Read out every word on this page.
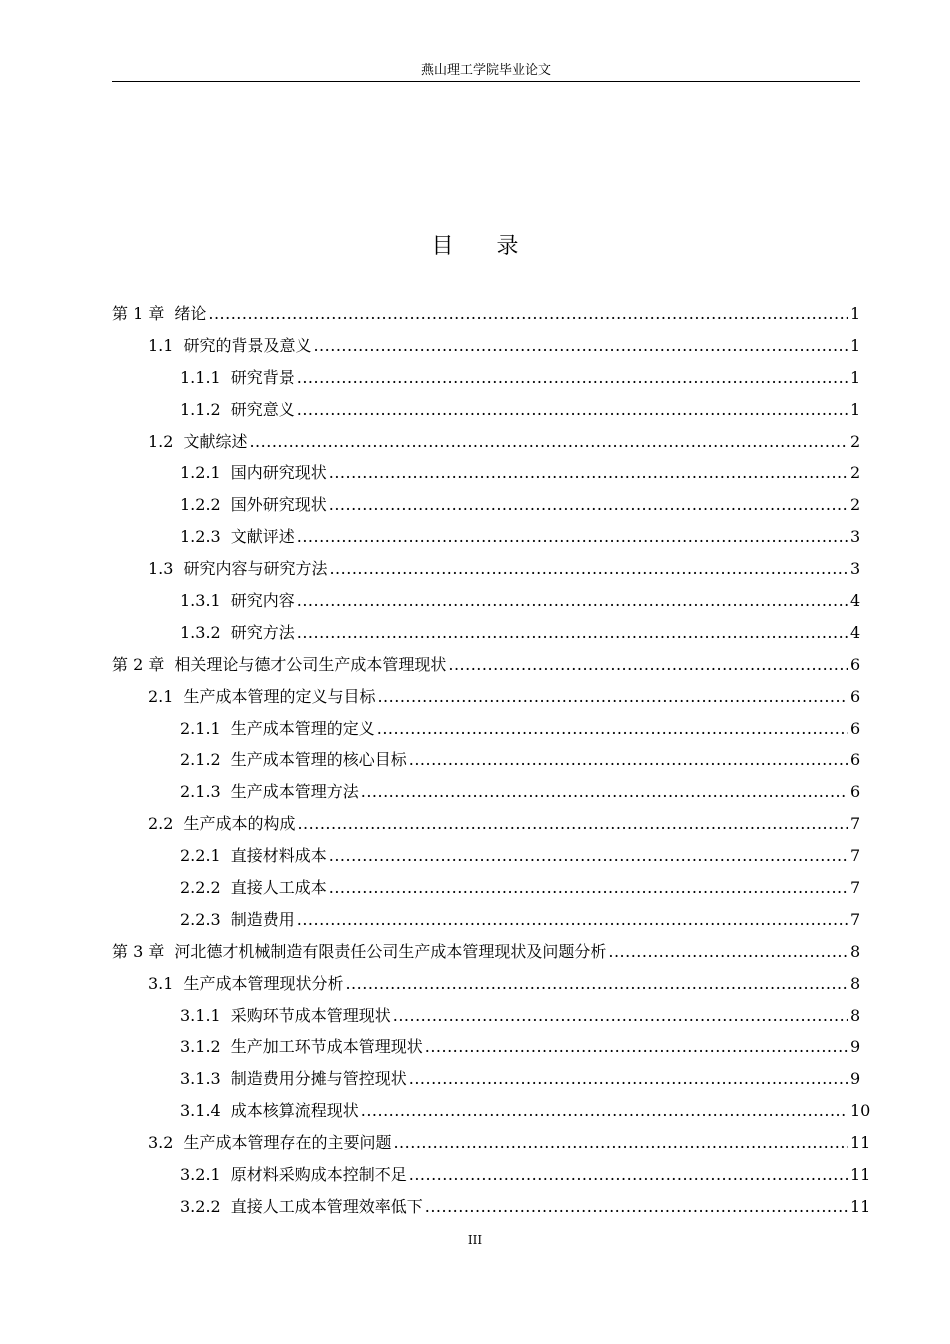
燕山理工学院毕业论文
目 录
第 1 章 绪论 .....	1
1.1 研究的背景及意义 .....	1
1.1.1 研究背景 .....	1
1.1.2 研究意义 .....	1
1.2 文献综述 .....	2
1.2.1 国内研究现状 .....	2
1.2.2 国外研究现状 .....	2
1.2.3 文献评述 .....	3
1.3 研究内容与研究方法 .....	3
1.3.1 研究内容 .....	4
1.3.2 研究方法 .....	4
第 2 章 相关理论与德才公司生产成本管理现状 .....	6
2.1 生产成本管理的定义与目标 .....	6
2.1.1 生产成本管理的定义 .....	6
2.1.2 生产成本管理的核心目标 .....	6
2.1.3 生产成本管理方法 .....	6
2.2 生产成本的构成 .....	7
2.2.1 直接材料成本 .....	7
2.2.2 直接人工成本 .....	7
2.2.3 制造费用 .....	7
第 3 章 河北德才机械制造有限责任公司生产成本管理现状及问题分析 .....	8
3.1 生产成本管理现状分析 .....	8
3.1.1 采购环节成本管理现状 .....	8
3.1.2 生产加工环节成本管理现状 .....	9
3.1.3 制造费用分摊与管控现状 .....	9
3.1.4 成本核算流程现状 .....	10
3.2 生产成本管理存在的主要问题 .....	11
3.2.1 原材料采购成本控制不足 .....	11
3.2.2 直接人工成本管理效率低下 .....	11
III
